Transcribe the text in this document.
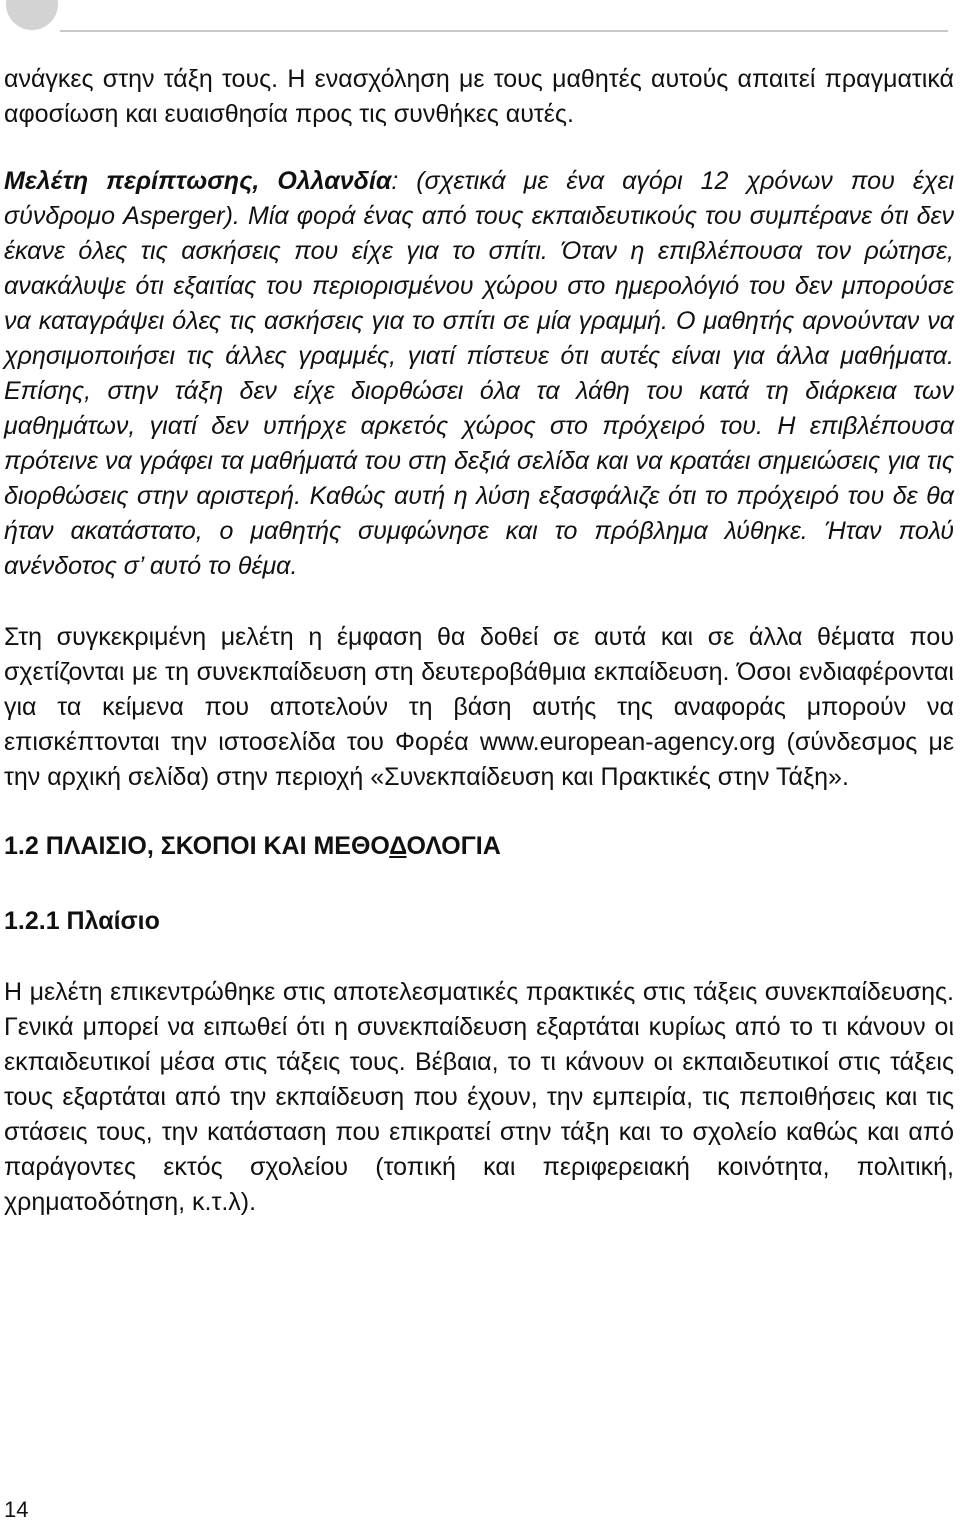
ανάγκες στην τάξη τους. Η ενασχόληση με τους μαθητές αυτούς απαιτεί πραγματικά αφοσίωση και ευαισθησία προς τις συνθήκες αυτές.

Μελέτη περίπτωσης, Ολλανδία: (σχετικά με ένα αγόρι 12 χρόνων που έχει σύνδρομο Asperger). Μία φορά ένας από τους εκπαιδευτικούς του συμπέρανε ότι δεν έκανε όλες τις ασκήσεις που είχε για το σπίτι. Όταν η επιβλέπουσα τον ρώτησε, ανακάλυψε ότι εξαιτίας του περιορισμένου χώρου στο ημερολόγιό του δεν μπορούσε να καταγράψει όλες τις ασκήσεις για το σπίτι σε μία γραμμή. Ο μαθητής αρνούνταν να χρησιμοποιήσει τις άλλες γραμμές, γιατί πίστευε ότι αυτές είναι για άλλα μαθήματα. Επίσης, στην τάξη δεν είχε διορθώσει όλα τα λάθη του κατά τη διάρκεια των μαθημάτων, γιατί δεν υπήρχε αρκετός χώρος στο πρόχειρό του. Η επιβλέπουσα πρότεινε να γράφει τα μαθήματά του στη δεξιά σελίδα και να κρατάει σημειώσεις για τις διορθώσεις στην αριστερή. Καθώς αυτή η λύση εξασφάλιζε ότι το πρόχειρό του δε θα ήταν ακατάστατο, ο μαθητής συμφώνησε και το πρόβλημα λύθηκε. Ήταν πολύ ανένδοτος σ’ αυτό το θέμα.

Στη συγκεκριμένη μελέτη η έμφαση θα δοθεί σε αυτά και σε άλλα θέματα που σχετίζονται με τη συνεκπαίδευση στη δευτεροβάθμια εκπαίδευση. Όσοι ενδιαφέρονται για τα κείμενα που αποτελούν τη βάση αυτής της αναφοράς μπορούν να επισκέπτονται την ιστοσελίδα του Φορέα www.european-agency.org (σύνδεσμος με την αρχική σελίδα) στην περιοχή «Συνεκπαίδευση και Πρακτικές στην Τάξη».

1.2 ΠΛΑΙΣΙΟ, ΣΚΟΠΟΙ ΚΑΙ ΜΕΘΟΔΟΛΟΓΙΑ
1.2.1 Πλαίσιο

Η μελέτη επικεντρώθηκε στις αποτελεσματικές πρακτικές στις τάξεις συνεκπαίδευσης. Γενικά μπορεί να ειπωθεί ότι η συνεκπαίδευση εξαρτάται κυρίως από το τι κάνουν οι εκπαιδευτικοί μέσα στις τάξεις τους. Βέβαια, το τι κάνουν οι εκπαιδευτικοί στις τάξεις τους εξαρτάται από την εκπαίδευση που έχουν, την εμπειρία, τις πεποιθήσεις και τις στάσεις τους, την κατάσταση που επικρατεί στην τάξη και το σχολείο καθώς και από παράγοντες εκτός σχολείου (τοπική και περιφερειακή κοινότητα, πολιτική, χρηματοδότηση, κ.τ.λ).

14
